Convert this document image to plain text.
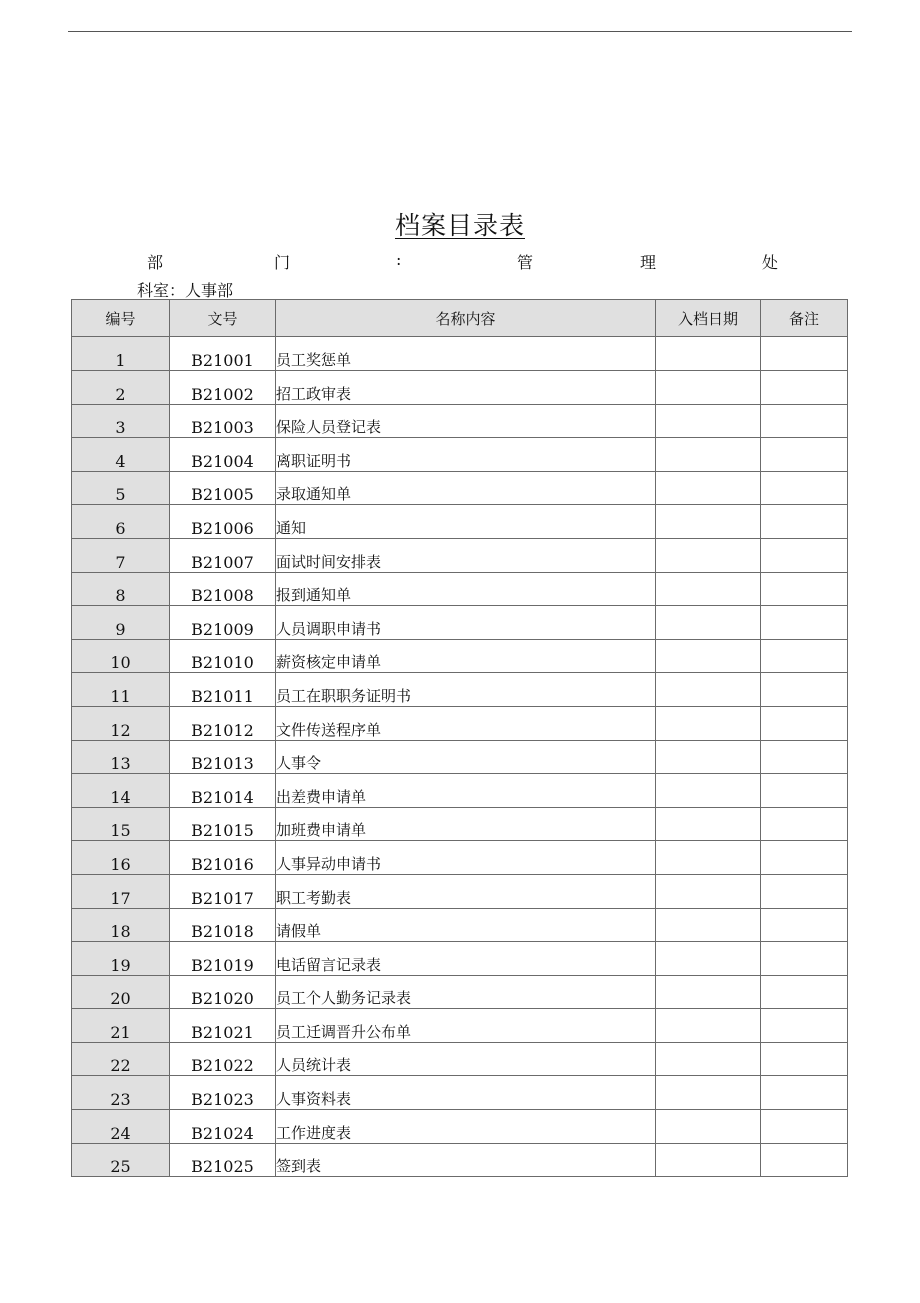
档案目录表
部	门	:	管	理	处
科室：人事部
编号	文号	名称内容	入档日期	备注
1	B21001	员工奖惩单		
2	B21002	招工政审表		
3	B21003	保险人员登记表		
4	B21004	离职证明书		
5	B21005	录取通知单		
6	B21006	通知		
7	B21007	面试时间安排表		
8	B21008	报到通知单		
9	B21009	人员调职申请书		
10	B21010	薪资核定申请单		
11	B21011	员工在职职务证明书		
12	B21012	文件传送程序单		
13	B21013	人事令		
14	B21014	出差费申请单		
15	B21015	加班费申请单		
16	B21016	人事异动申请书		
17	B21017	职工考勤表		
18	B21018	请假单		
19	B21019	电话留言记录表		
20	B21020	员工个人勤务记录表		
21	B21021	员工迁调晋升公布单		
22	B21022	人员统计表		
23	B21023	人事资料表		
24	B21024	工作进度表		
25	B21025	签到表		
